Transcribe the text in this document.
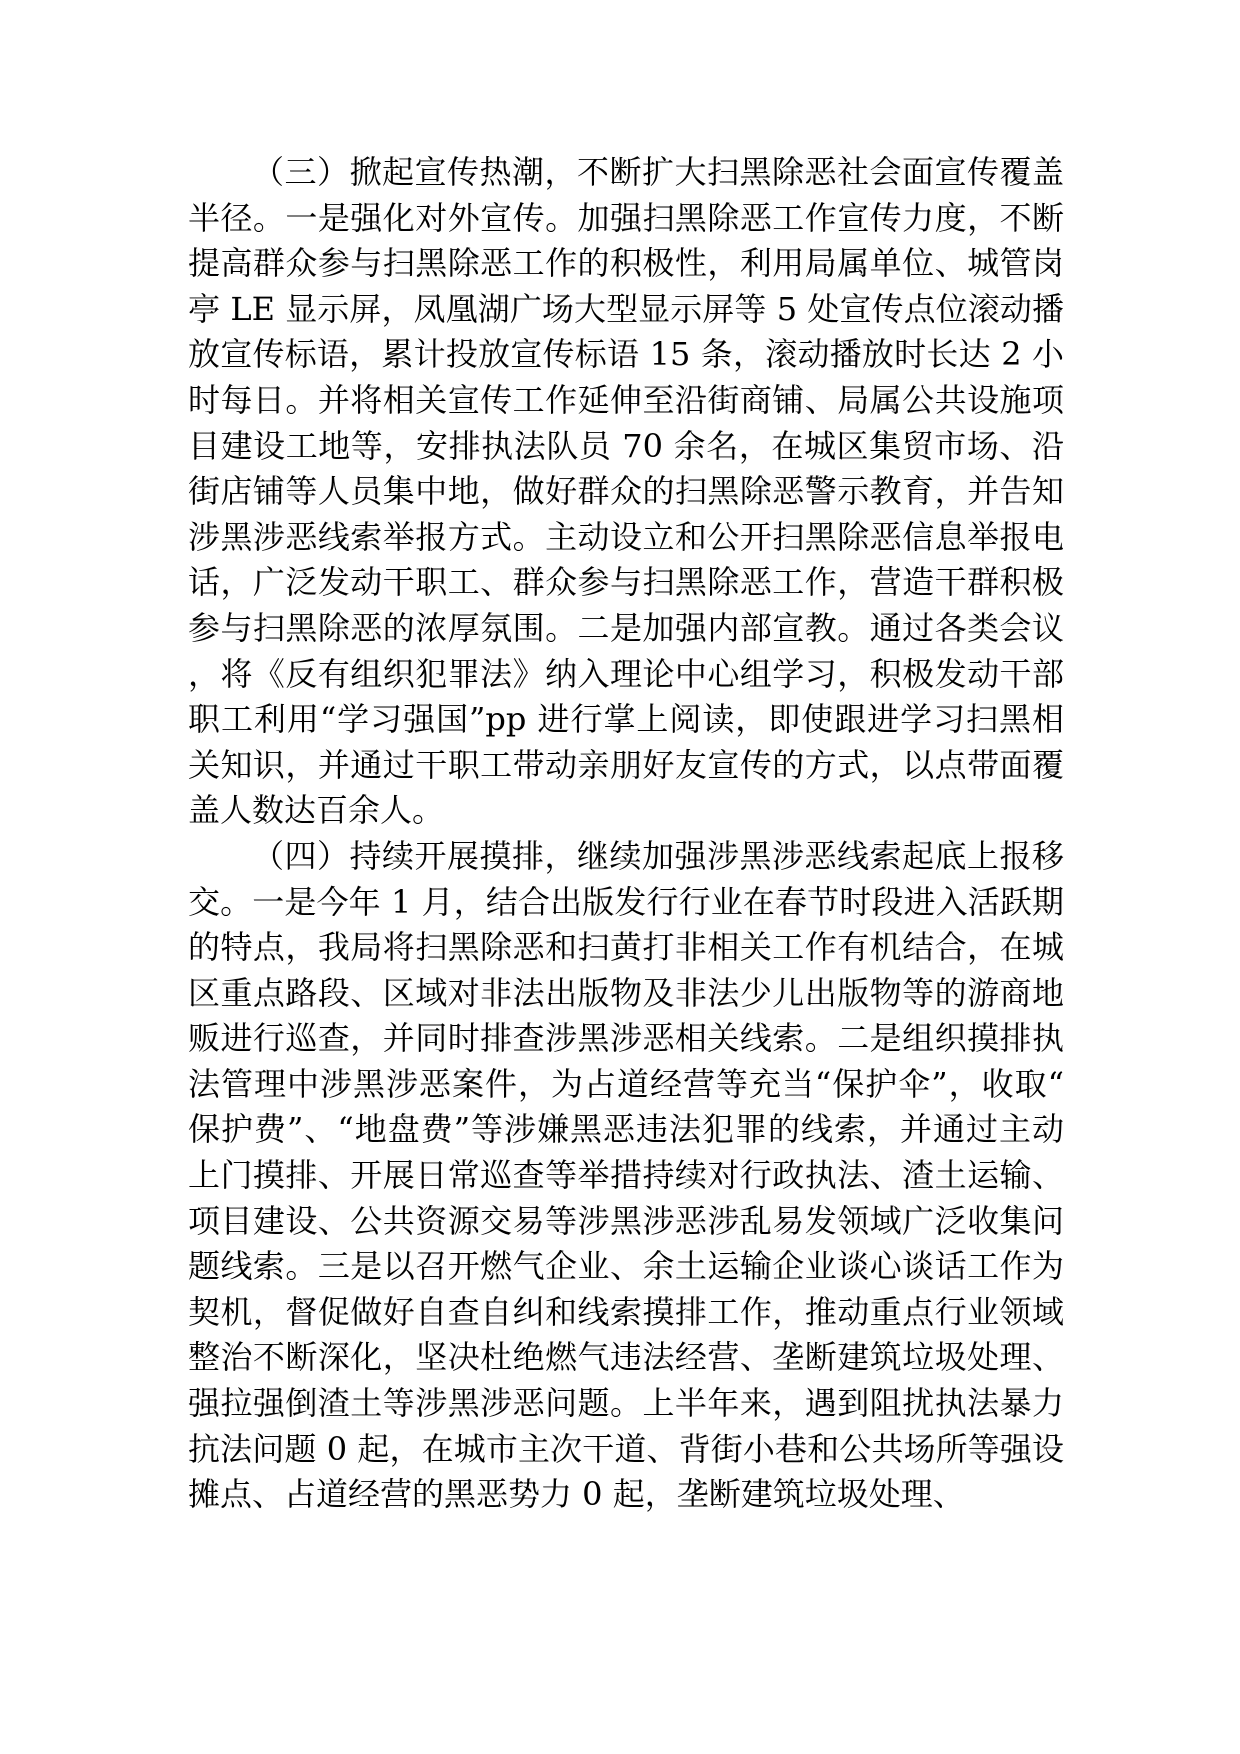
（三）掀起宣传热潮，不断扩大扫黑除恶社会面宣传覆盖半径。一是强化对外宣传。加强扫黑除恶工作宣传力度，不断提高群众参与扫黑除恶工作的积极性，利用局属单位、城管岗亭 LE 显示屏，凤凰湖广场大型显示屏等 5 处宣传点位滚动播放宣传标语，累计投放宣传标语 15 条，滚动播放时长达 2 小时每日。并将相关宣传工作延伸至沿街商铺、局属公共设施项目建设工地等，安排执法队员 70 余名，在城区集贸市场、沿街店铺等人员集中地，做好群众的扫黑除恶警示教育，并告知涉黑涉恶线索举报方式。主动设立和公开扫黑除恶信息举报电话，广泛发动干职工、群众参与扫黑除恶工作，营造干群积极参与扫黑除恶的浓厚氛围。二是加强内部宣教。通过各类会议，将《反有组织犯罪法》纳入理论中心组学习，积极发动干部职工利用“学习强国”pp 进行掌上阅读，即使跟进学习扫黑相关知识，并通过干职工带动亲朋好友宣传的方式，以点带面覆盖人数达百余人。

（四）持续开展摸排，继续加强涉黑涉恶线索起底上报移交。一是今年 1 月，结合出版发行行业在春节时段进入活跃期的特点，我局将扫黑除恶和扫黄打非相关工作有机结合，在城区重点路段、区域对非法出版物及非法少儿出版物等的游商地贩进行巡查，并同时排查涉黑涉恶相关线索。二是组织摸排执法管理中涉黑涉恶案件，为占道经营等充当“保护伞”，收取“保护费”、“地盘费”等涉嫌黑恶违法犯罪的线索，并通过主动上门摸排、开展日常巡查等举措持续对行政执法、渣土运输、项目建设、公共资源交易等涉黑涉恶涉乱易发领域广泛收集问题线索。三是以召开燃气企业、余土运输企业谈心谈话工作为契机，督促做好自查自纠和线索摸排工作，推动重点行业领域整治不断深化，坚决杜绝燃气违法经营、垄断建筑垃圾处理、强拉强倒渣土等涉黑涉恶问题。上半年来，遇到阻扰执法暴力抗法问题 0 起，在城市主次干道、背街小巷和公共场所等强设摊点、占道经营的黑恶势力 0 起，垄断建筑垃圾处理、
